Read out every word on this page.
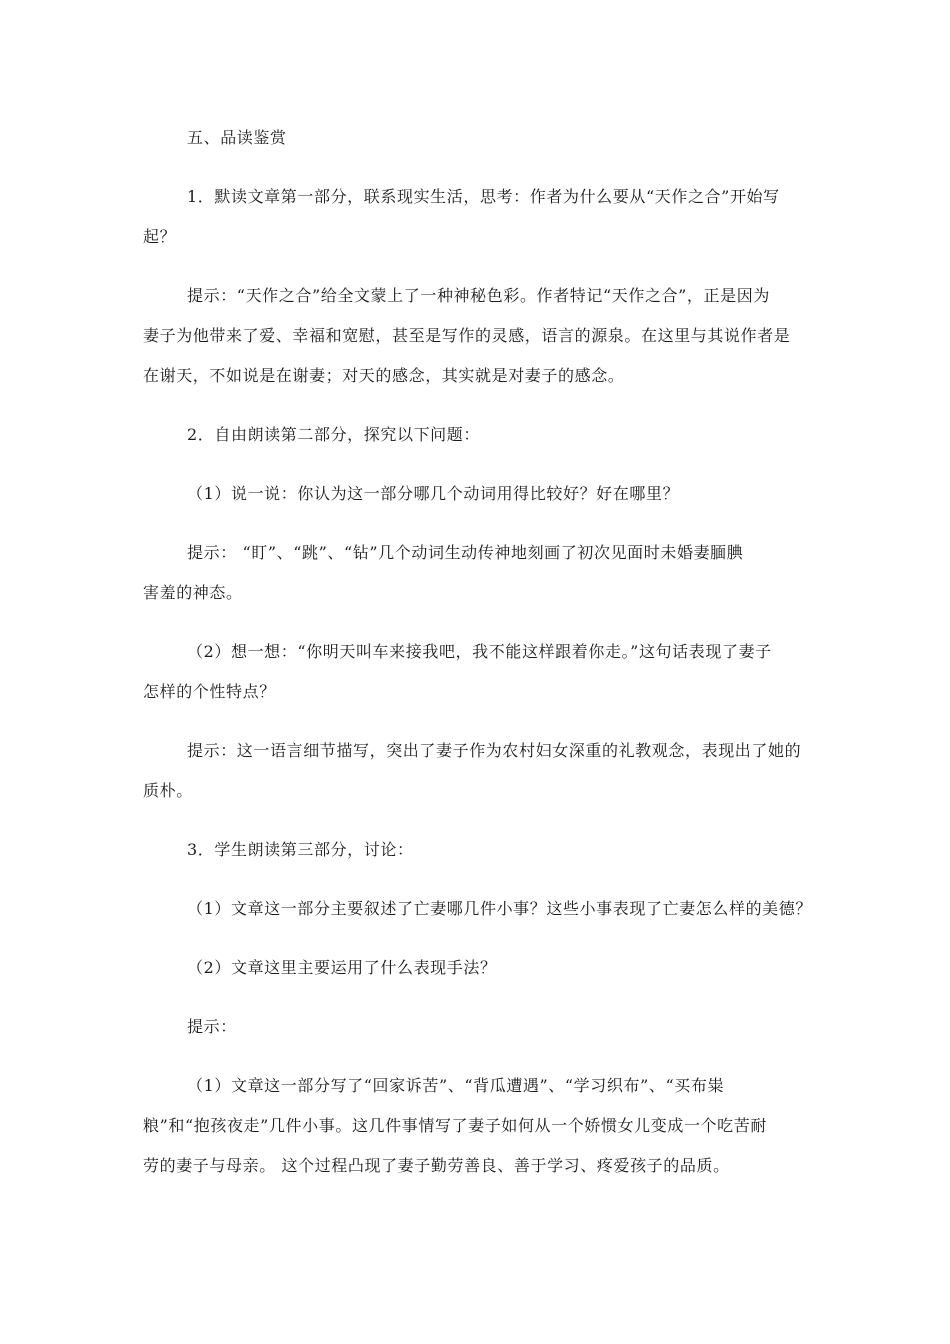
五、品读鉴赏
1．默读文章第一部分，联系现实生活，思考：作者为什么要从“天作之合”开始写
起？
提示：“天作之合”给全文蒙上了一种神秘色彩。作者特记“天作之合”，正是因为
妻子为他带来了爱、幸福和宽慰，甚至是写作的灵感，语言的源泉。在这里与其说作者是
在谢天，不如说是在谢妻；对天的感念，其实就是对妻子的感念。
2．自由朗读第二部分，探究以下问题：
（1）说一说：你认为这一部分哪几个动词用得比较好？好在哪里？
提示： “盯”、“跳”、“钻”几个动词生动传神地刻画了初次见面时未婚妻腼腆
害羞的神态。
（2）想一想：“你明天叫车来接我吧，我不能这样跟着你走。”这句话表现了妻子
怎样的个性特点？
提示：这一语言细节描写，突出了妻子作为农村妇女深重的礼教观念，表现出了她的
质朴。
3．学生朗读第三部分，讨论：
（1）文章这一部分主要叙述了亡妻哪几件小事？这些小事表现了亡妻怎么样的美德？
（2）文章这里主要运用了什么表现手法？
提示：
（1）文章这一部分写了“回家诉苦”、“背瓜遭遇”、“学习织布”、“买布粜
粮”和“抱孩夜走”几件小事。这几件事情写了妻子如何从一个娇惯女儿变成一个吃苦耐
劳的妻子与母亲。 这个过程凸现了妻子勤劳善良、善于学习、疼爱孩子的品质。
